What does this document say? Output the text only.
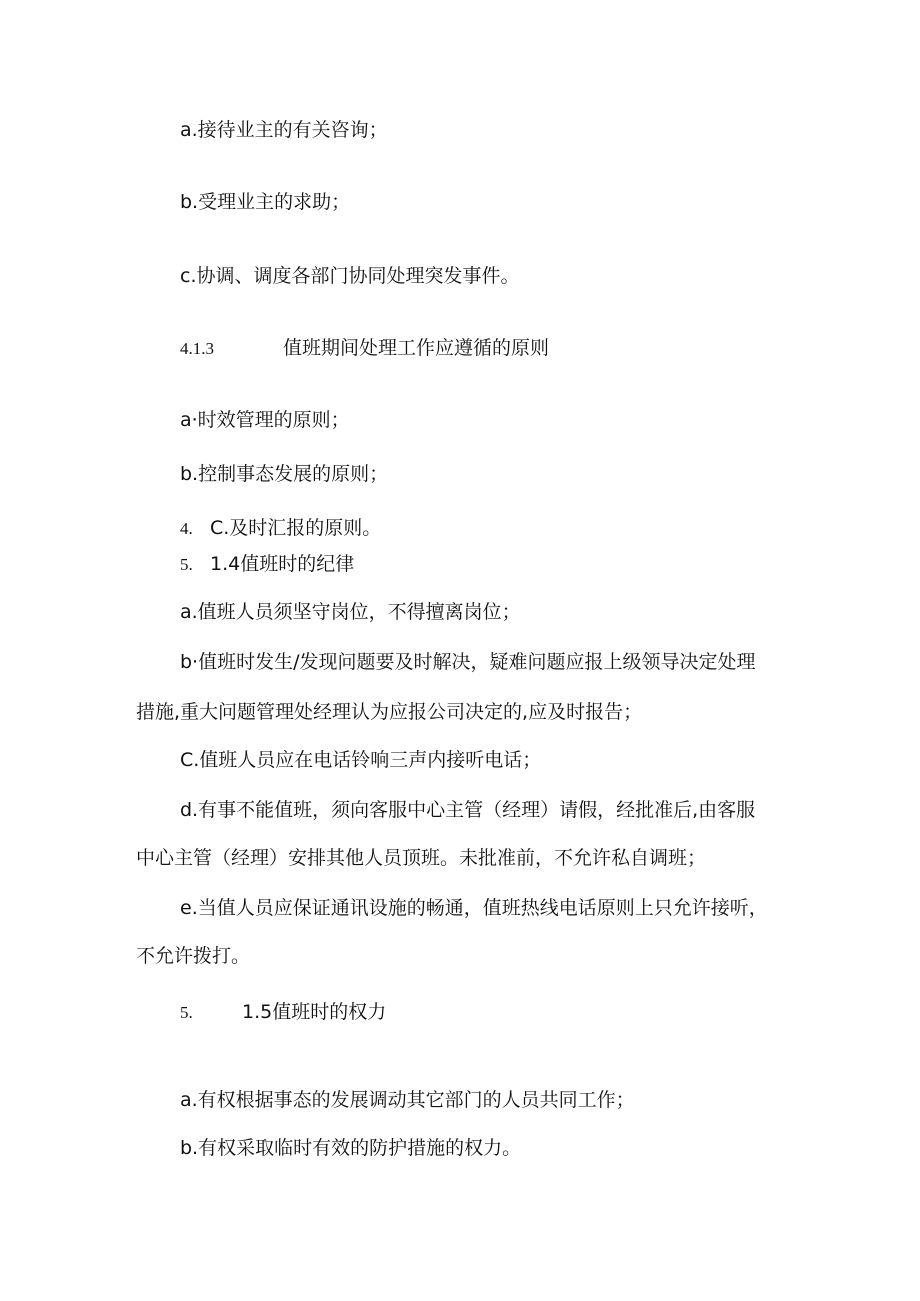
a.接待业主的有关咨询；
b.受理业主的求助；
c.协调、调度各部门协同处理突发事件。
4.1.3	值班期间处理工作应遵循的原则
a·时效管理的原则；
b.控制事态发展的原则；
4. C.及时汇报的原则。
5. 1.4值班时的纪律
a.值班人员须坚守岗位，不得擅离岗位；
b·值班时发生/发现问题要及时解决，疑难问题应报上级领导决定处理
措施,重大问题管理处经理认为应报公司决定的,应及时报告；
C.值班人员应在电话铃响三声内接听电话；
d.有事不能值班，须向客服中心主管（经理）请假，经批准后,由客服
中心主管（经理）安排其他人员顶班。未批准前，不允许私自调班；
e.当值人员应保证通讯设施的畅通，值班热线电话原则上只允许接听，
不允许拨打。
5.	1.5值班时的权力
a.有权根据事态的发展调动其它部门的人员共同工作；
b.有权采取临时有效的防护措施的权力。
